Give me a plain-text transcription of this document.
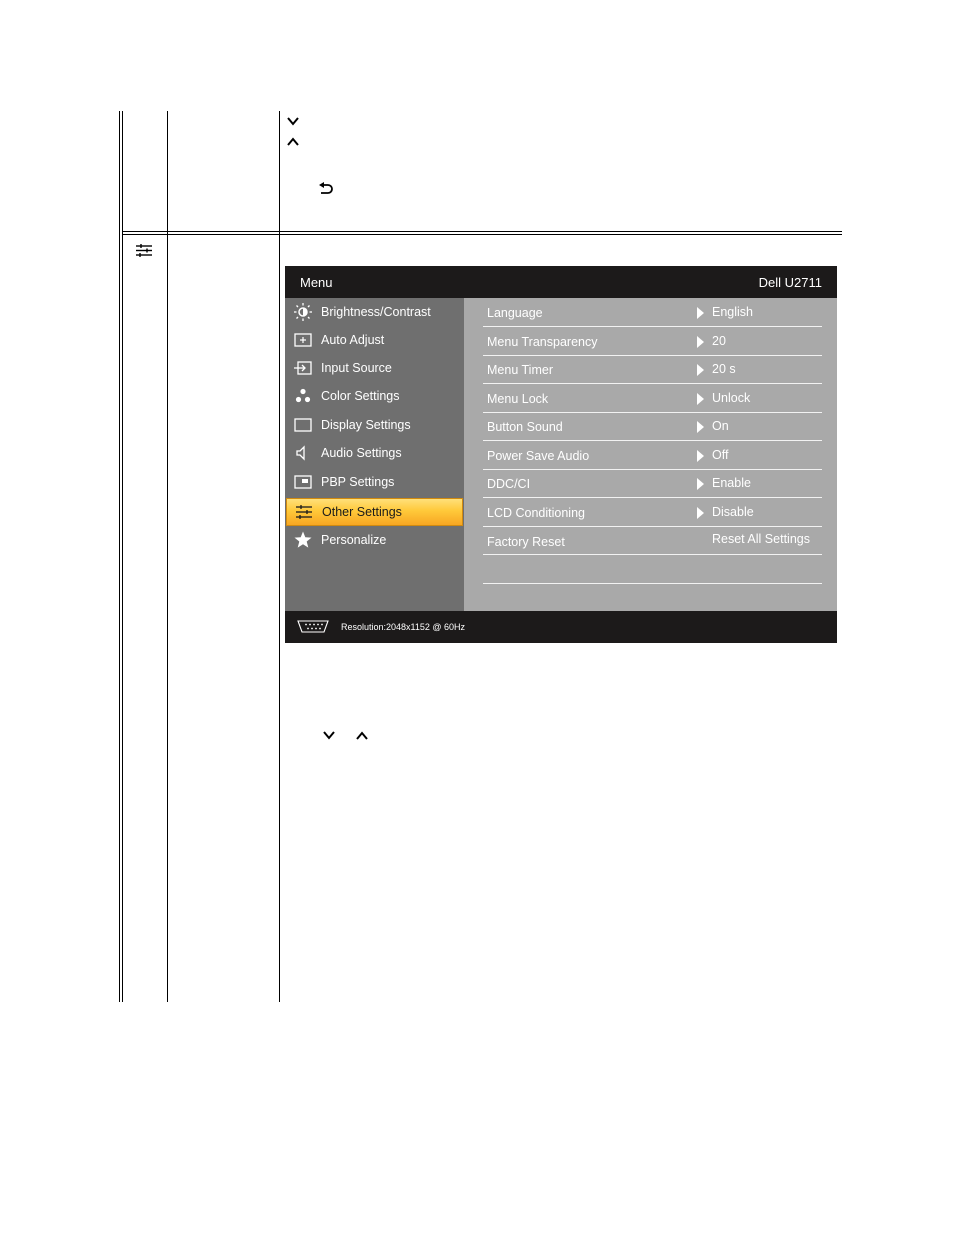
Menu	Dell U2711
Brightness/Contrast
Auto Adjust
Input Source
Color Settings
Display Settings
Audio Settings
PBP Settings
Other Settings
Personalize
Language	English
Menu Transparency	20
Menu Timer	20 s
Menu Lock	Unlock
Button Sound	On
Power Save Audio	Off
DDC/CI	Enable
LCD Conditioning	Disable
Factory Reset	Reset All Settings
Resolution:2048x1152 @ 60Hz
